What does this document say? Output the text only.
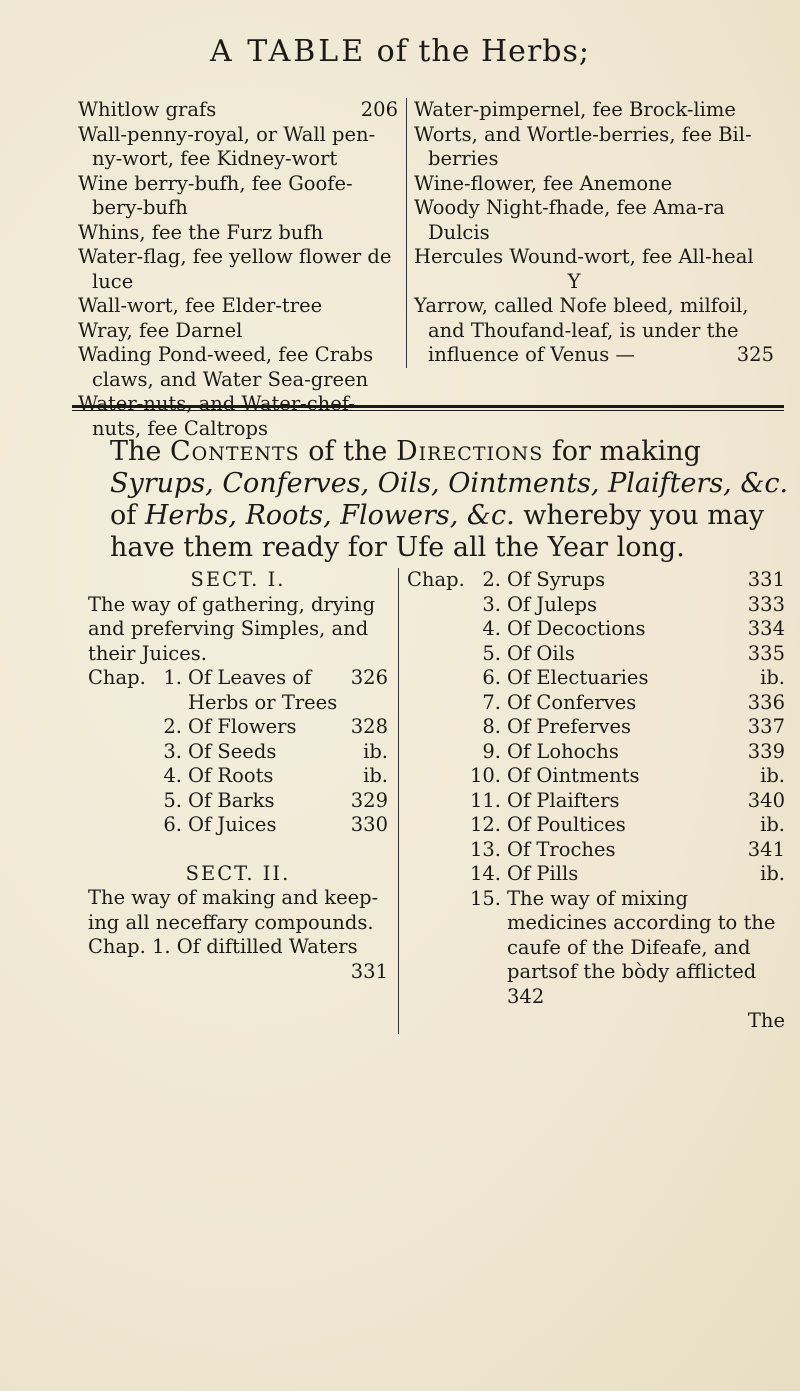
A TABLE of the Herbs;
Whitlow grafs	206
Wall-penny-royal, or Wall pen-ny-wort, fee Kidney-wort
Wine berry-bufh, fee Goofe-bery-bufh
Whins, fee the Furz bufh
Water-flag, fee yellow flower de luce
Wall-wort, fee Elder-tree
Wray, fee Darnel
Wading Pond-weed, fee Crabs claws, and Water Sea-green
Water-nuts, and Water-chef-nuts, fee Caltrops
Water-pimpernel, fee Brock-lime
Worts, and Wortle-berries, fee Bil-berries
Wine-flower, fee Anemone
Woody Night-fhade, fee Ama-ra Dulcis
Hercules Wound-wort, fee All-heal
Y
Yarrow, called Nofe bleed, milfoil, and Thoufand-leaf, is under the influence of Venus —	325
The Contents of the Directions for making Syrups, Conferves, Oils, Ointments, Plaifters, &c. of Herbs, Roots, Flowers, &c. whereby you may have them ready for Ufe all the Year long.
SECT. I.
The way of gathering, drying and preferving Simples, and their Juices.
Chap. 1. Of Leaves of Herbs or Trees
326
2. Of Flowers	328
3. Of Seeds	ib.
4. Of Roots	ib.
5. Of Barks	329
6. Of Juices	330
SECT. II.
The way of making and keep-ing all neceffary compounds.
Chap. 1. Of diftilled Waters
331
Chap. 2. Of Syrups	331
3. Of Juleps	333
4. Of Decoctions	334
5. Of Oils	335
6. Of Electuaries	ib.
7. Of Conferves	336
8. Of Preferves	337
9. Of Lohochs	339
10. Of Ointments	ib.
11. Of Plaifters	340
12. Of Poultices	ib.
13. Of Troches	341
14. Of Pills	ib.
15. The way of mixing medicines according to the caufe of the Difeafe, and partsof the bòdy afflicted 342
The
